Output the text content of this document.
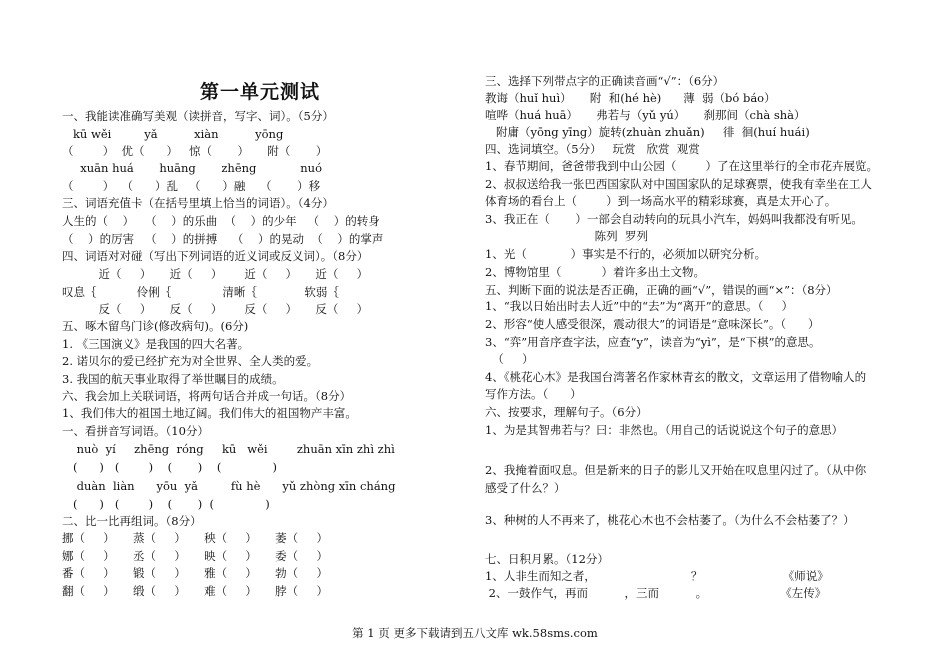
第一单元测试
一、我能读准确写美观（读拼音，写字、词）。（5分）
kū wěi         yǎ          xiàn          yōng
（        ）  优（      ）   惊（       ）     附（       ）
xuān huá       huāng       zhēng            nuó
（        ）  （      ）乱   （      ）融    （       ）移
三、词语充值卡（在括号里填上恰当的词语）。（4分）
人生的（    ）   （    ）的乐曲  （    ）的少年   （    ）的转身
（    ）的厉害   （    ）的拼搏    （    ）的晃动  （    ）的掌声
四、词语对对碰（写出下列词语的近义词或反义词）。（8分）
近（     ）     近（     ）      近（     ）     近（     ）
叹息｛           伶俐｛              清晰｛             软弱｛
反（     ）     反（     ）      反（     ）     反（     ）
五、啄木留鸟门诊(修改病句)。(6分)
1. 《三国演义》是我国的四大名著。
2. 诺贝尔的爱已经扩充为对全世界、全人类的爱。
3. 我国的航天事业取得了举世瞩目的成绩。
六、我会加上关联词语，将两句话合并成一句话。（8分）
1、我们伟大的祖国土地辽阔。我们伟大的祖国物产丰富。
一、看拼音写词语。（10分）
nuò  yí     zhēng  róng     kū   wěi        zhuān xīn zhì zhì
(      )   (        )    (       )    (              )
duàn  liàn      yōu  yǎ         fù hè      yǔ zhòng xīn cháng
(      )   (        )    (       )  (              )
二、比一比再组词。（8分）
挪（     ）     蒸（     ）     秧（     ）     萎（     ）
娜（     ）     丞（     ）     映（     ）     委（     ）
番（     ）     锻（     ）     雅（     ）     勃（     ）
翻（     ）     缎（     ）     难（     ）     脖（     ）
三、选择下列带点字的正确读音画“√”：（6分）
教诲（huǐ huì）     附  和(hé hè)      薄  弱（bó báo）
喧哗（huá huā）     弗若与（yǔ yú）     刹那间（chà shà）
附庸（yōng yīng）旋转(zhuàn zhuǎn)     徘  徊(huí huái)
四、选词填空。（5分）   玩赏   欣赏  观赏
1、春节期间，爸爸带我到中山公园（        ）了在这里举行的全市花卉展览。
2、叔叔送给我一张巴西国家队对中国国家队的足球赛票，使我有幸坐在工人
体育场的看台上（        ）到一场高水平的精彩球赛，真是太开心了。
3、我正在（       ）一部会自动转向的玩具小汽车，妈妈叫我都没有听见。
陈列  罗列
1、光（            ）事实是不行的，必须加以研究分析。
2、博物馆里（           ）着许多出土文物。
五、判断下面的说法是否正确，正确的画“√”，错误的画“×”：（8分）
1、“我以日始出时去人近”中的“去”为“离开”的意思。（     ）
2、形容“使人感受很深，震动很大”的词语是“意味深长”。（      ）
3、“弈”用音序查字法，应查“y”，读音为“yì”，是“下棋”的意思。
（     ）
4、《桃花心木》是我国台湾著名作家林青玄的散文，文章运用了借物喻人的
写作方法。（      ）
六、按要求，理解句子。（6分）
1、为是其智弗若与？曰：非然也。（用自己的话说说这个句子的意思）
2、我掩着面叹息。但是新来的日子的影儿又开始在叹息里闪过了。（从中你
感受了什么？）
3、种树的人不再来了，桃花心木也不会枯萎了。（为什么不会枯萎了？）
七、日积月累。（12分）
1、人非生而知之者，                          ？                      《师说》
2、一鼓作气，再而          ，三而          。                    《左传》
第 1 页 更多下载请到五八文库 wk.58sms.com
